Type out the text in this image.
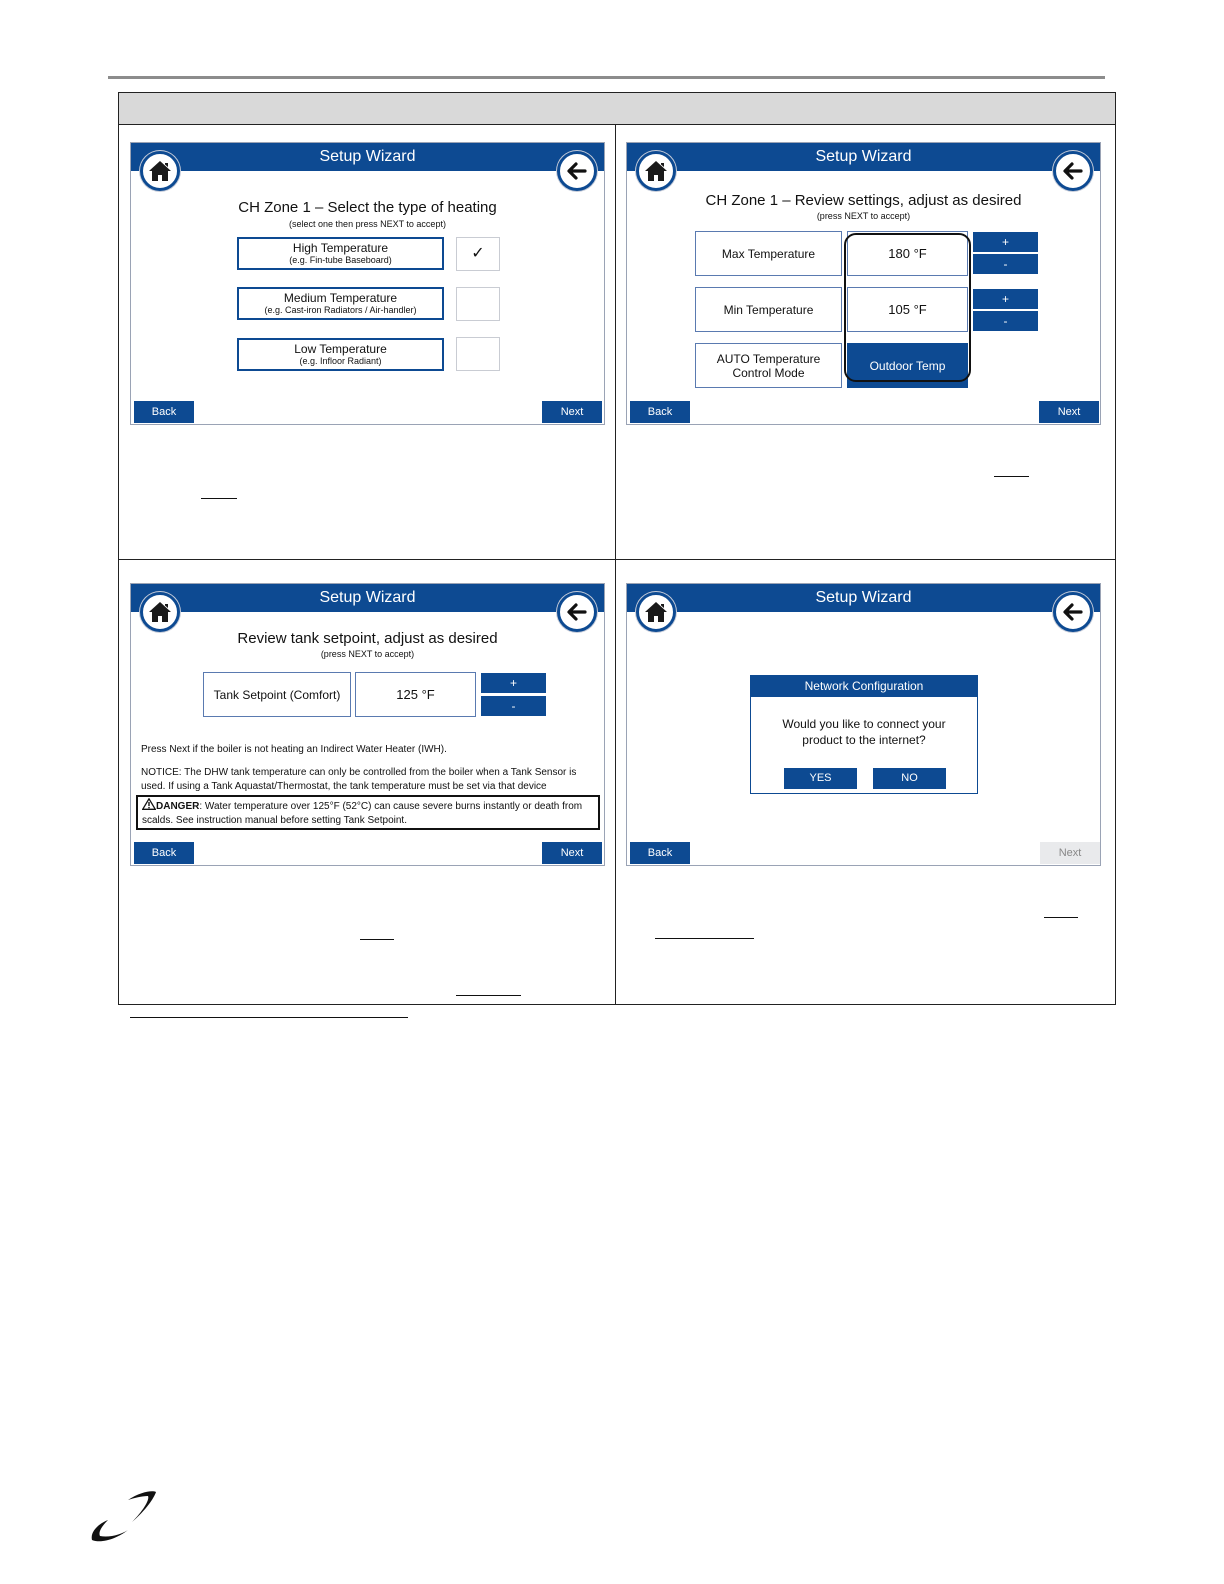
Setup Wizard
CH Zone 1 – Select the type of heating
(select one then press NEXT to accept)
High Temperature
(e.g. Fin-tube Baseboard)	✓
Medium Temperature
(e.g. Cast-iron Radiators / Air-handler)
Low Temperature
(e.g. Infloor Radiant)
Back	Next
Setup Wizard
CH Zone 1 – Review settings, adjust as desired
(press NEXT to accept)
Max Temperature	180 °F
+
-
Min Temperature	105 °F
+
-
AUTO Temperature
Control Mode	Outdoor Temp
Back	Next
Setup Wizard
Review tank setpoint, adjust as desired
(press NEXT to accept)
Tank Setpoint (Comfort)	125 °F
+
-
Press Next if the boiler is not heating an Indirect Water Heater (IWH).
NOTICE: The DHW tank temperature can only be controlled from the boiler when a Tank Sensor is used. If using a Tank Aquastat/Thermostat, the tank temperature must be set via that device
DANGER: Water temperature over 125°F (52°C) can cause severe burns instantly or death from scalds. See instruction manual before setting Tank Setpoint.
Back	Next
Setup Wizard
Network Configuration
Would you like to connect your
product to the internet?
YES	NO
Back	Next
